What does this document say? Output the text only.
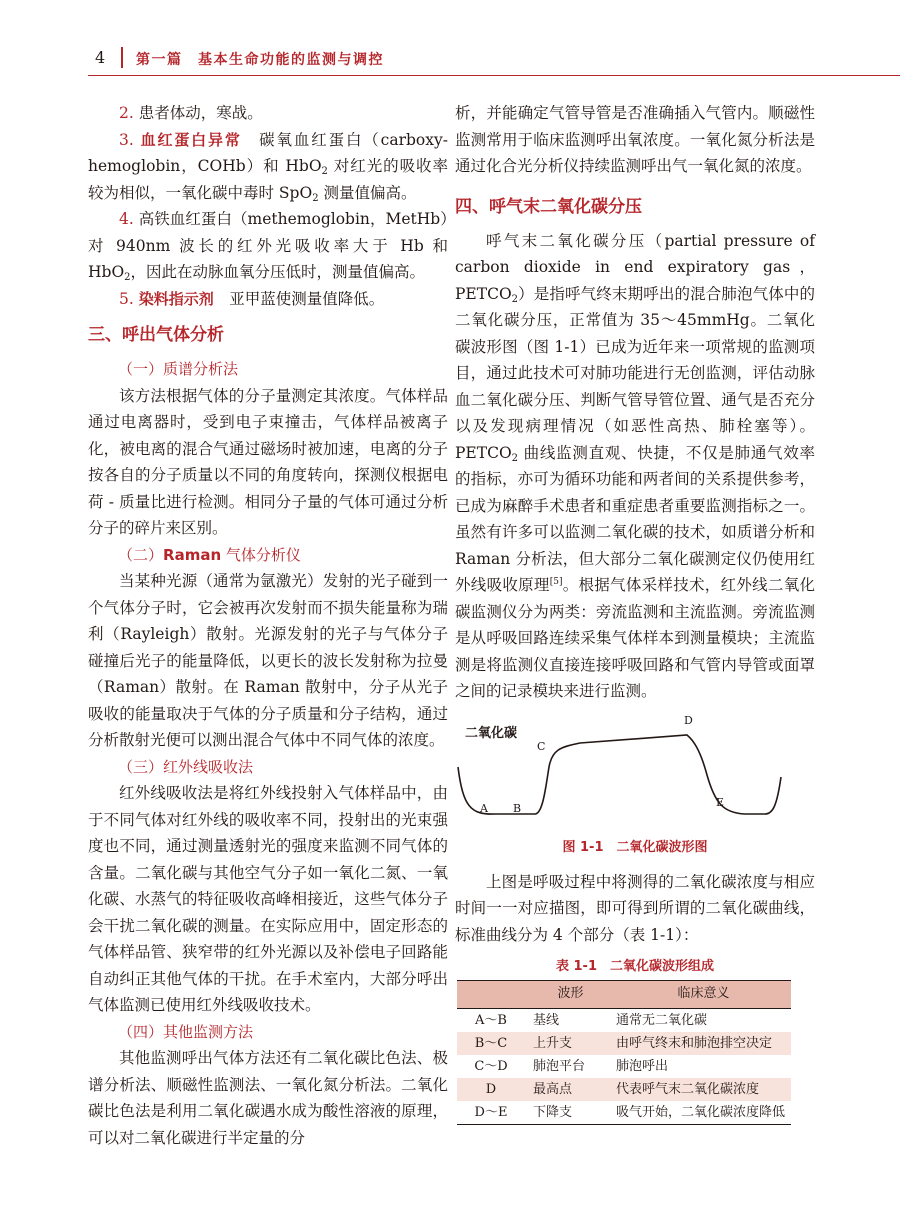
4 第一篇　基本生命功能的监测与调控

2. 患者体动，寒战。

3. 血红蛋白异常　 碳氧血红蛋白（carboxy-hemoglobin，COHb）和 HbO$_2$ 对红光的吸收率较为相似，一氧化碳中毒时 SpO$_2$ 测量值偏高。

4. 高铁血红蛋白（methemoglobin，MetHb）对 940nm 波长的红外光吸收率大于 Hb 和 HbO$_2$，因此在动脉血氧分压低时，测量值偏高。

5. 染料指示剂　 亚甲蓝使测量值降低。

三、呼出气体分析
（一）质谱分析法

该方法根据气体的分子量测定其浓度。气体样品通过电离器时，受到电子束撞击，气体样品被离子化，被电离的混合气通过磁场时被加速，电离的分子按各自的分子质量以不同的角度转向，探测仪根据电荷 - 质量比进行检测。相同分子量的气体可通过分析分子的碎片来区别。

（二）Raman 气体分析仪

当某种光源（通常为氩激光）发射的光子碰到一个气体分子时，它会被再次发射而不损失能量称为瑞利（Rayleigh）散射。光源发射的光子与气体分子碰撞后光子的能量降低，以更长的波长发射称为拉曼（Raman）散射。在 Raman 散射中，分子从光子吸收的能量取决于气体的分子质量和分子结构，通过分析散射光便可以测出混合气体中不同气体的浓度。

（三）红外线吸收法

红外线吸收法是将红外线投射入气体样品中，由于不同气体对红外线的吸收率不同，投射出的光束强度也不同，通过测量透射光的强度来监测不同气体的含量。二氧化碳与其他空气分子如一氧化二氮、一氧化碳、水蒸气的特征吸收高峰相接近，这些气体分子会干扰二氧化碳的测量。在实际应用中，固定形态的气体样品管、狭窄带的红外光源以及补偿电子回路能自动纠正其他气体的干扰。在手术室内，大部分呼出气体监测已使用红外线吸收技术。

（四）其他监测方法

其他监测呼出气体方法还有二氧化碳比色法、极谱分析法、顺磁性监测法、一氧化氮分析法。二氧化碳比色法是利用二氧化碳遇水成为酸性溶液的原理，可以对二氧化碳进行半定量的分

析，并能确定气管导管是否准确插入气管内。顺磁性监测常用于临床监测呼出氧浓度。一氧化氮分析法是通过化合光分析仪持续监测呼出气一氧化氮的浓度。

四、呼气末二氧化碳分压

呼气末二氧化碳分压（partial pressure of carbon dioxide in end expiratory gas，$PETCO_2$）是指呼气终末期呼出的混合肺泡气体中的二氧化碳分压，正常值为 35～45mmHg。二氧化碳波形图（图 1-1）已成为近年来一项常规的监测项目，通过此技术可对肺功能进行无创监测，评估动脉血二氧化碳分压、判断气管导管位置、通气是否充分以及发现病理情况（如恶性高热、肺栓塞等）。$PETCO_2$ 曲线监测直观、快捷，不仅是肺通气效率的指标，亦可为循环功能和两者间的关系提供参考，已成为麻醉手术患者和重症患者重要监测指标之一。虽然有许多可以监测二氧化碳的技术，如质谱分析和 Raman 分析法，但大部分二氧化碳测定仪仍使用红外线吸收原理[5]。根据气体采样技术，红外线二氧化碳监测仪分为两类：旁流监测和主流监测。旁流监测是从呼吸回路连续采集气体样本到测量模块；主流监测是将监测仪直接连接呼吸回路和气管内导管或面罩之间的记录模块来进行监测。

二氧化碳
A B
C
D
E
图 1-1　二氧化碳波形图

上图是呼吸过程中将测得的二氧化碳浓度与相应时间一一对应描图，即可得到所谓的二氧化碳曲线，标准曲线分为 4 个部分（表 1-1）：

表 1-1　二氧化碳波形组成
	波形	临床意义
A～B	基线	通常无二氧化碳
B～C	上升支	由呼气终末和肺泡排空决定
C～D	肺泡平台	肺泡呼出
D	最高点	代表呼气末二氧化碳浓度
D～E	下降支	吸气开始，二氧化碳浓度降低
